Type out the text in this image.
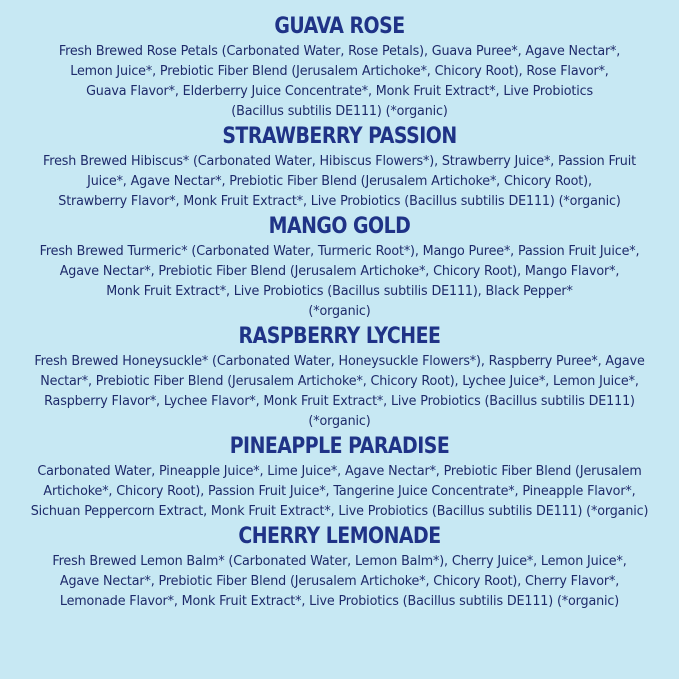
GUAVA ROSE
Fresh Brewed Rose Petals (Carbonated Water, Rose Petals), Guava Puree*, Agave Nectar*,
Lemon Juice*, Prebiotic Fiber Blend (Jerusalem Artichoke*, Chicory Root), Rose Flavor*,
Guava Flavor*, Elderberry Juice Concentrate*, Monk Fruit Extract*, Live Probiotics
(Bacillus subtilis DE111) (*organic)
STRAWBERRY PASSION
Fresh Brewed Hibiscus* (Carbonated Water, Hibiscus Flowers*), Strawberry Juice*, Passion Fruit
Juice*, Agave Nectar*, Prebiotic Fiber Blend (Jerusalem Artichoke*, Chicory Root),
Strawberry Flavor*, Monk Fruit Extract*, Live Probiotics (Bacillus subtilis DE111) (*organic)
MANGO GOLD
Fresh Brewed Turmeric* (Carbonated Water, Turmeric Root*), Mango Puree*, Passion Fruit Juice*,
Agave Nectar*, Prebiotic Fiber Blend (Jerusalem Artichoke*, Chicory Root), Mango Flavor*,
Monk Fruit Extract*, Live Probiotics (Bacillus subtilis DE111), Black Pepper*
(*organic)
RASPBERRY LYCHEE
Fresh Brewed Honeysuckle* (Carbonated Water, Honeysuckle Flowers*), Raspberry Puree*, Agave
Nectar*, Prebiotic Fiber Blend (Jerusalem Artichoke*, Chicory Root), Lychee Juice*, Lemon Juice*,
Raspberry Flavor*, Lychee Flavor*, Monk Fruit Extract*, Live Probiotics (Bacillus subtilis DE111)
(*organic)
PINEAPPLE PARADISE
Carbonated Water, Pineapple Juice*, Lime Juice*, Agave Nectar*, Prebiotic Fiber Blend (Jerusalem
Artichoke*, Chicory Root), Passion Fruit Juice*, Tangerine Juice Concentrate*, Pineapple Flavor*,
Sichuan Peppercorn Extract, Monk Fruit Extract*, Live Probiotics (Bacillus subtilis DE111) (*organic)
CHERRY LEMONADE
Fresh Brewed Lemon Balm* (Carbonated Water, Lemon Balm*), Cherry Juice*, Lemon Juice*,
Agave Nectar*, Prebiotic Fiber Blend (Jerusalem Artichoke*, Chicory Root), Cherry Flavor*,
Lemonade Flavor*, Monk Fruit Extract*, Live Probiotics (Bacillus subtilis DE111) (*organic)
